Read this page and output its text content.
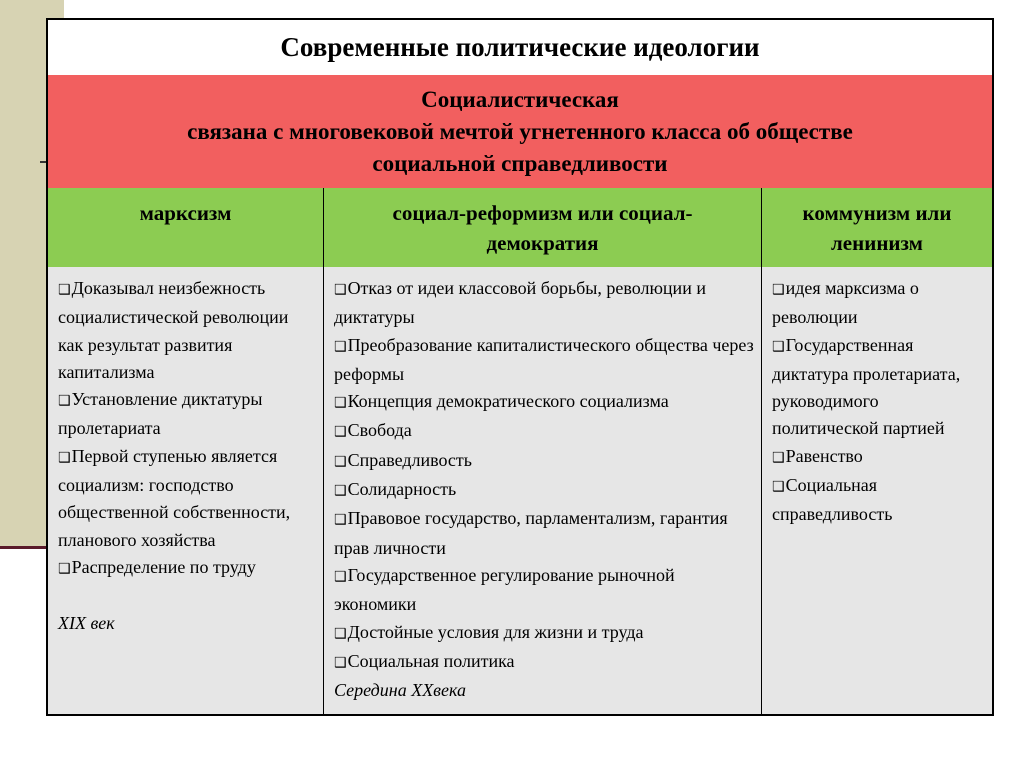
Современные политические идеологии
Социалистическая
связана с многовековой мечтой угнетенного класса об обществе
социальной справедливости
марксизм	социал-реформизм или социал-демократия
коммунизм или ленинизм

❑Доказывал неизбежность социалистической революции как результат развития капитализма

❑Установление диктатуры пролетариата

❑Первой ступенью является социализм: господство общественной собственности, планового хозяйства

❑Распределение по труду

XIX век

❑Отказ от идеи классовой борьбы, революции и диктатуры

❑Преобразование капиталистического общества через реформы

❑Концепция демократического социализма

❑Свобода

❑Справедливость

❑Солидарность

❑Правовое государство, парламентализм, гарантия прав личности

❑Государственное регулирование рыночной экономики

❑Достойные условия для жизни и труда

❑Социальная политика

Середина ХХвека

❑идея марксизма о революции

❑Государственная диктатура пролетариата, руководимого политической партией

❑Равенство

❑Социальная справедливость
